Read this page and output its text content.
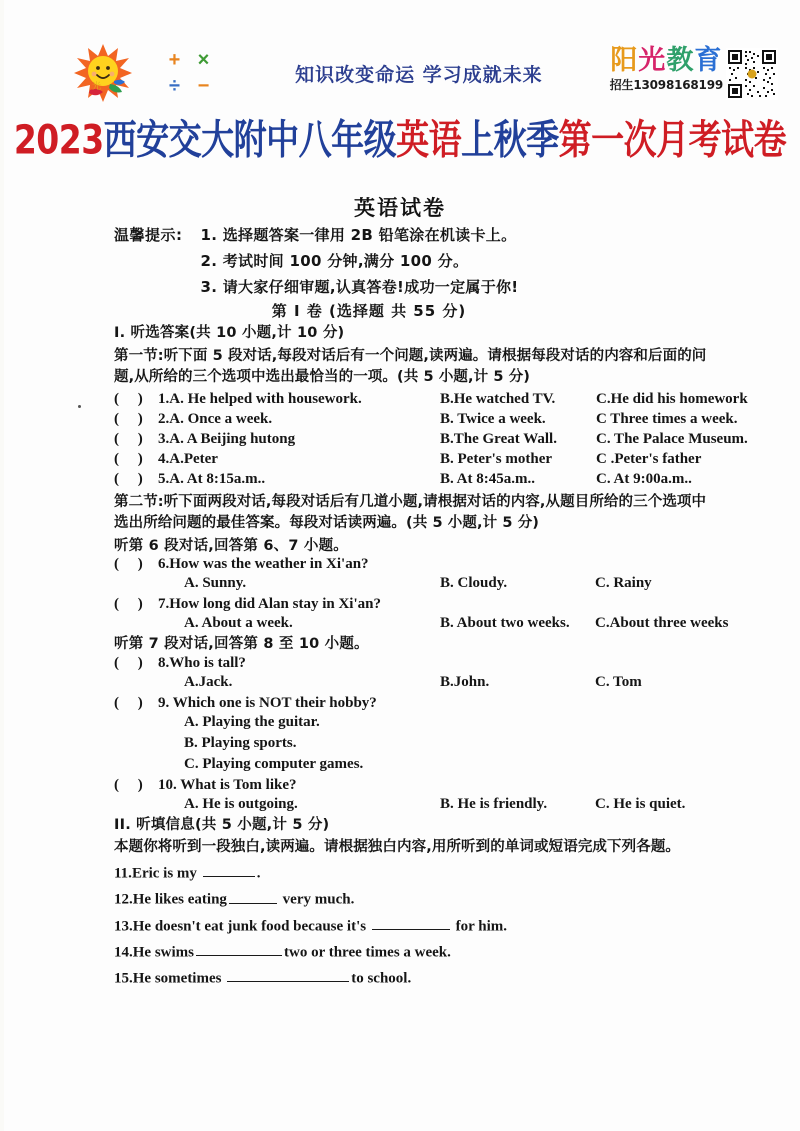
光
+ ×
÷ −	知识改变命运 学习成就未来	阳光教育
招生13098168199
2023西安交大附中八年级英语上秋季第一次月考试卷
英语试卷
温馨提示: 1. 选择题答案一律用 2B 铅笔涂在机读卡上。
2. 考试时间 100 分钟,满分 100 分。
3. 请大家仔细审题,认真答卷!成功一定属于你!
第 I 卷 (选择题 共 55 分)
I. 听选答案(共 10 小题,计 10 分)
第一节:听下面 5 段对话,每段对话后有一个问题,读两遍。请根据每段对话的内容和后面的问题,从所给的三个选项中选出最恰当的一项。(共 5 小题,计 5 分)
(     )	1.A. He helped with housework.	B.He watched TV.	C.He did his homework
(     )	2.A. Once a week.	B. Twice a week.	C Three times a week.
(     )	3.A. A Beijing hutong	B.The Great Wall.	C. The Palace Museum.
(     )	4.A.Peter	B. Peter's mother	C .Peter's father
(     )	5.A. At 8:15a.m..	B. At 8:45a.m..	C. At 9:00a.m..
第二节:听下面两段对话,每段对话后有几道小题,请根据对话的内容,从题目所给的三个选项中选出所给问题的最佳答案。每段对话读两遍。(共 5 小题,计 5 分)
听第 6 段对话,回答第 6、7 小题。
(     )	6.How was the weather in Xi'an?
A. Sunny.	B. Cloudy.	C. Rainy
(     )	7.How long did Alan stay in Xi'an?
A. About a week.	B. About two weeks.	C.About three weeks
听第 7 段对话,回答第 8 至 10 小题。
(     )	8.Who is tall?
A.Jack.	B.John.	C. Tom
(     )	9. Which one is NOT their hobby?
A. Playing the guitar.
B. Playing sports.
C. Playing computer games.
(     )	10. What is Tom like?
A. He is outgoing.	B. He is friendly.	C. He is quiet.
II. 听填信息(共 5 小题,计 5 分)
本题你将听到一段独白,读两遍。请根据独白内容,用所听到的单词或短语完成下列各题。
11.Eric is my	.
12.He likes eating	very much.
13.He doesn't eat junk food because it's	for him.
14.He swims	two or three times a week.
15.He sometimes	to school.
